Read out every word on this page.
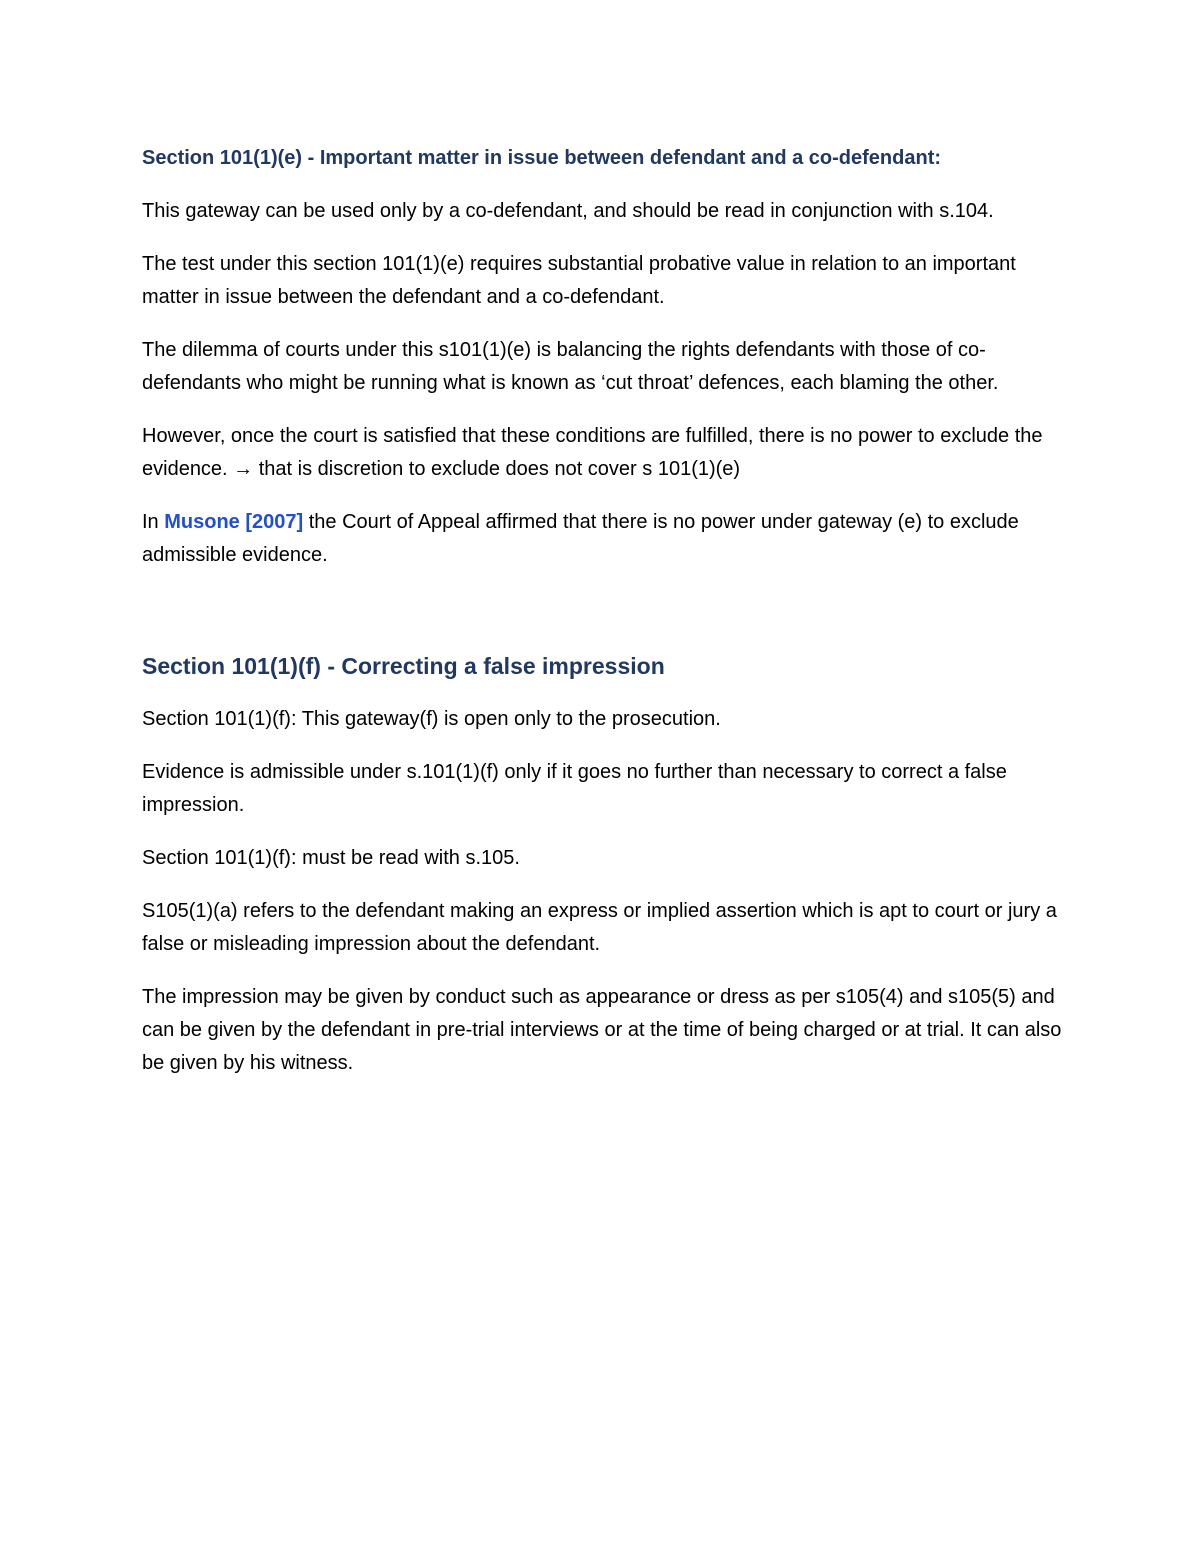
Section 101(1)(e) - Important matter in issue between defendant and a co-defendant:

This gateway can be used only by a co-defendant, and should be read in conjunction with s.104.

The test under this section 101(1)(e) requires substantial probative value in relation to an important matter in issue between the defendant and a co-defendant.

The dilemma of courts under this s101(1)(e) is balancing the rights defendants with those of co-defendants who might be running what is known as ‘cut throat’ defences, each blaming the other.

However, once the court is satisfied that these conditions are fulfilled, there is no power to exclude the evidence. → that is discretion to exclude does not cover s 101(1)(e)

In Musone [2007] the Court of Appeal affirmed that there is no power under gateway (e) to exclude admissible evidence.

Section 101(1)(f) - Correcting a false impression

Section 101(1)(f): This gateway(f) is open only to the prosecution.

Evidence is admissible under s.101(1)(f) only if it goes no further than necessary to correct a false impression.

Section 101(1)(f): must be read with s.105.

S105(1)(a) refers to the defendant making an express or implied assertion which is apt to court or jury a false or misleading impression about the defendant.

The impression may be given by conduct such as appearance or dress as per s105(4) and s105(5) and can be given by the defendant in pre-trial interviews or at the time of being charged or at trial. It can also be given by his witness.
